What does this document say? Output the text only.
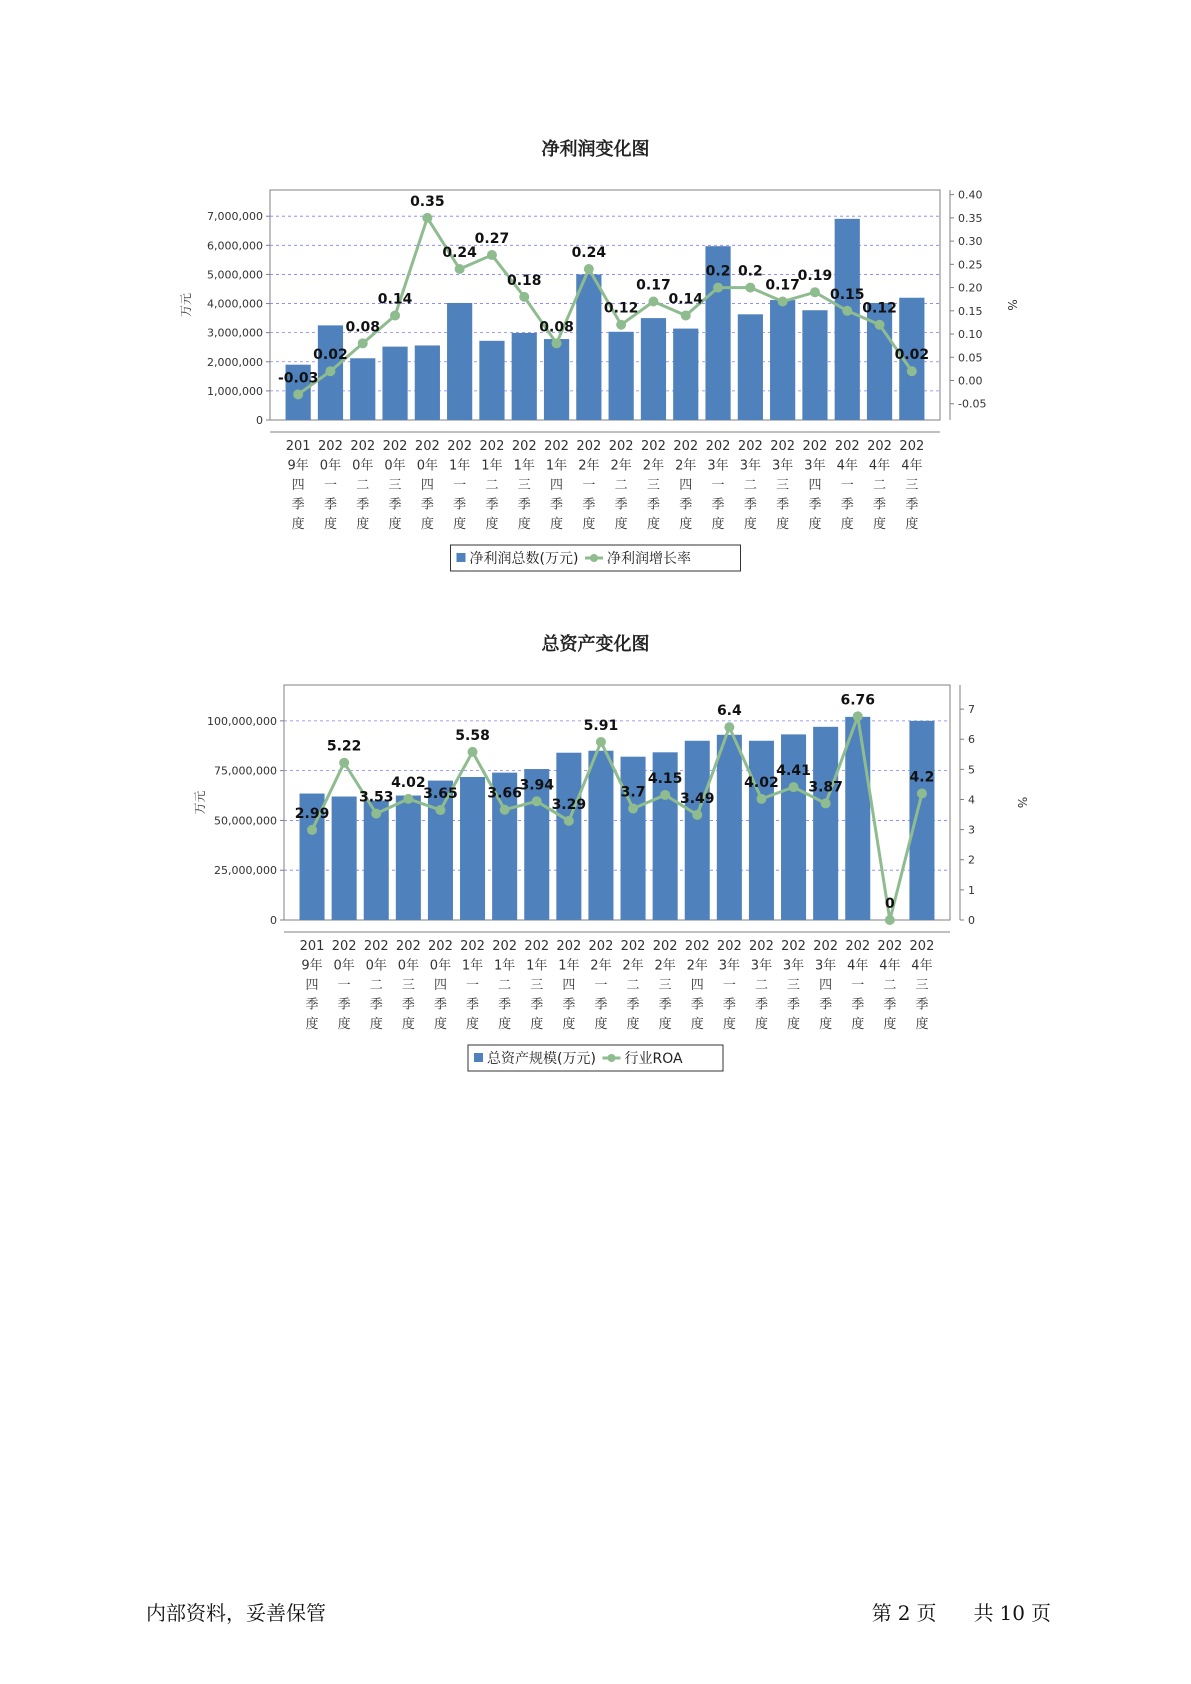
净利润变化图
0
1,000,000
2,000,000
3,000,000
4,000,000
5,000,000
6,000,000
7,000,000
-0.05
0.00
0.05
0.10
0.15
0.20
0.25
0.30
0.35
0.40
万元	%
-0.03
0.02
0.08
0.14
0.35
0.24
0.27
0.18
0.08
0.24
0.12
0.17
0.14
0.2 0.2
0.17
0.19
0.15
0.12
0.02
201 9年四季度
202 0年一季度
202 0年二季度
202 0年三季度
202 0年四季度
202 1年一季度
202 1年二季度
202 1年三季度
202 1年四季度
202 2年一季度
202 2年二季度
202 2年三季度
202 2年四季度
202 3年一季度
202 3年二季度
202 3年三季度
202 3年四季度
202 4年一季度
202 4年二季度
202 4年三季度
净利润总数(万元) 净利润增长率
总资产变化图
0
25,000,000
50,000,000
75,000,000
100,000,000
0
1
2
3
4
5
6
7
万元	%
2.99
5.22
3.53
4.02
3.65
5.58
3.66
3.94
3.29
5.91
3.7
4.15
3.49
6.4
4.02
4.41
3.87
6.76
0
4.2
201 9年四季度
202 0年一季度
202 0年二季度
202 0年三季度
202 0年四季度
202 1年一季度
202 1年二季度
202 1年三季度
202 1年四季度
202 2年一季度
202 2年二季度
202 2年三季度
202 2年四季度
202 3年一季度
202 3年二季度
202 3年三季度
202 3年四季度
202 4年一季度
202 4年二季度
202 4年三季度
总资产规模(万元) 行业ROA
内部资料，妥善保管	第 2 页 共 10 页
